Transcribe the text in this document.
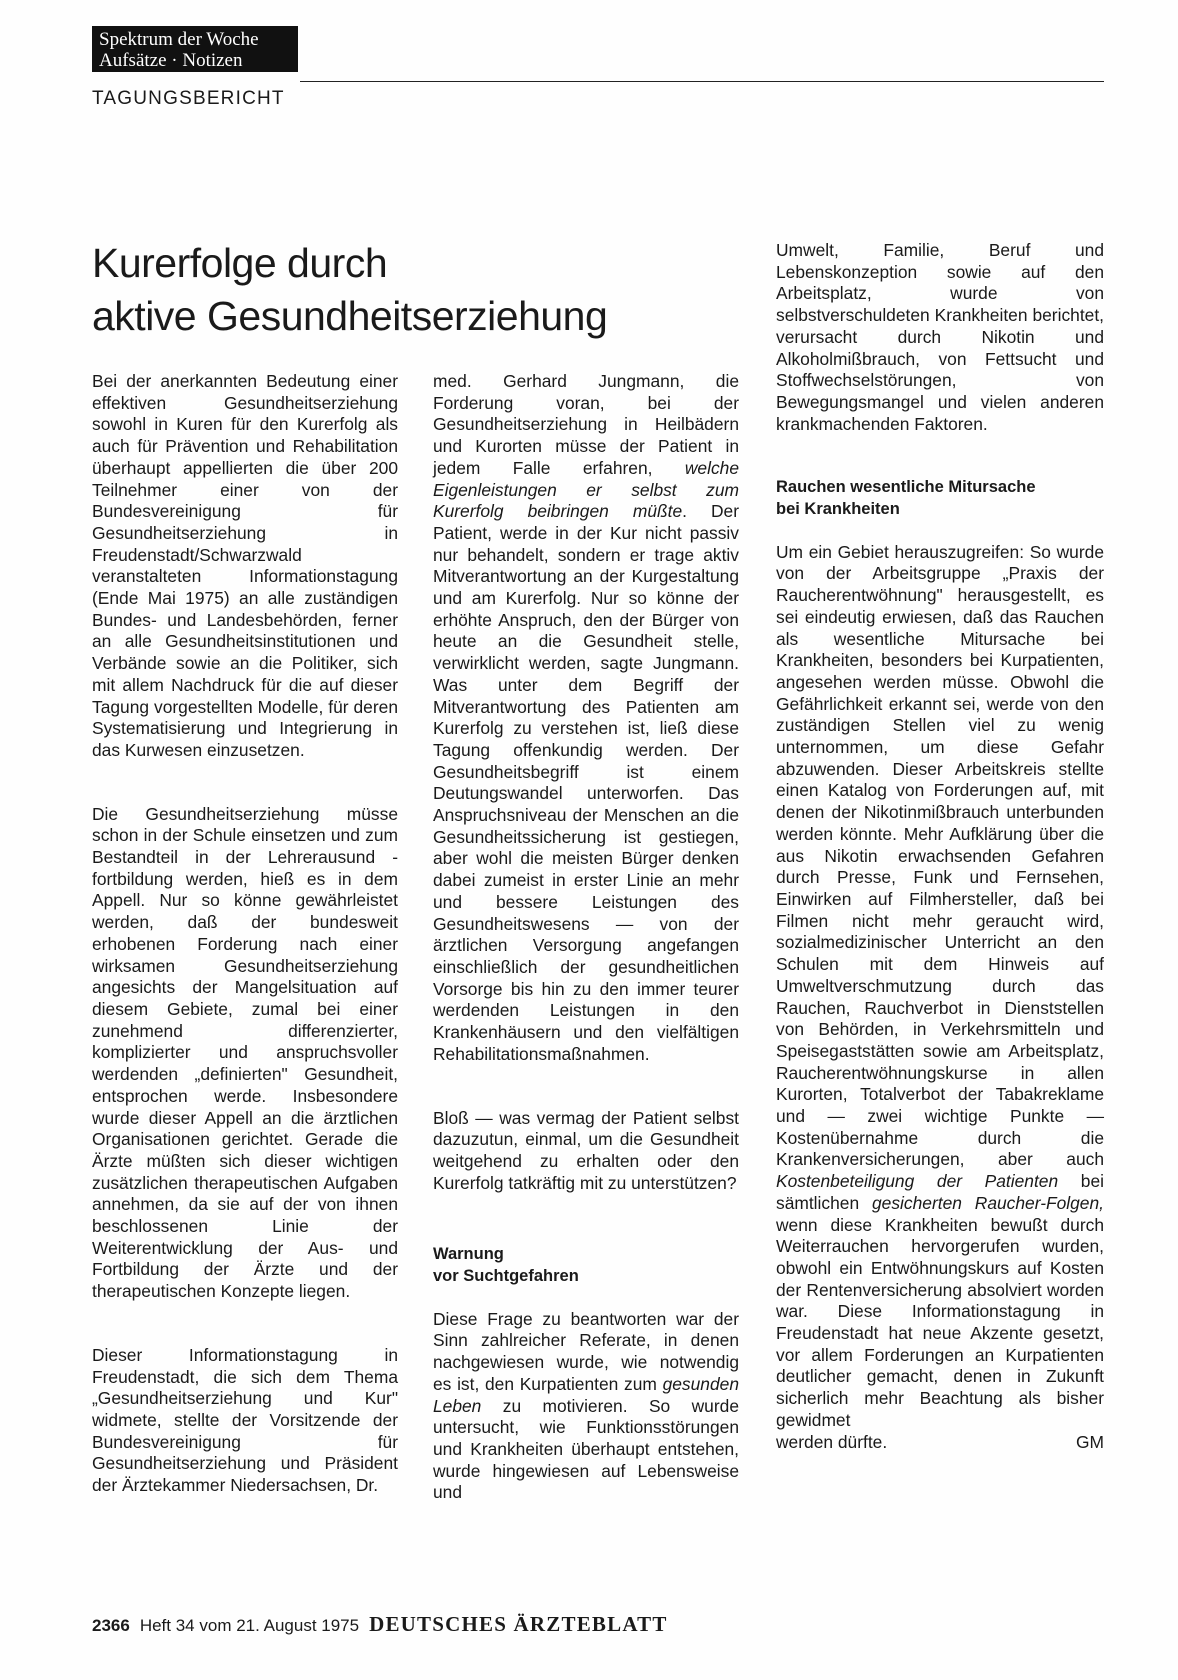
Spektrum der Woche
Aufsätze · Notizen
TAGUNGSBERICHT
Kurerfolge durch
aktive Gesundheitserziehung

Bei der anerkannten Bedeutung einer effektiven Gesundheitserziehung sowohl in Kuren für den Kurerfolg als auch für Prävention und Rehabilitation überhaupt appellierten die über 200 Teilnehmer einer von der Bundesvereinigung für Gesundheitserziehung in Freudenstadt/Schwarzwald veranstalteten Informationstagung (Ende Mai 1975) an alle zuständigen Bundes- und Landesbehörden, ferner an alle Gesundheitsinstitutionen und Verbände sowie an die Politiker, sich mit allem Nachdruck für die auf dieser Tagung vorgestellten Modelle, für deren Systematisierung und Integrierung in das Kurwesen einzusetzen.

Die Gesundheitserziehung müsse schon in der Schule einsetzen und zum Bestandteil in der Lehrerausund -fortbildung werden, hieß es in dem Appell. Nur so könne gewährleistet werden, daß der bundesweit erhobenen Forderung nach einer wirksamen Gesundheitserziehung angesichts der Mangelsituation auf diesem Gebiete, zumal bei einer zunehmend differenzierter, komplizierter und anspruchsvoller werdenden „definierten" Gesundheit, entsprochen werde. Insbesondere wurde dieser Appell an die ärztlichen Organisationen gerichtet. Gerade die Ärzte müßten sich dieser wichtigen zusätzlichen therapeutischen Aufgaben annehmen, da sie auf der von ihnen beschlossenen Linie der Weiterentwicklung der Aus- und Fortbildung der Ärzte und der therapeutischen Konzepte liegen.

Dieser Informationstagung in Freudenstadt, die sich dem Thema „Gesundheitserziehung und Kur" widmete, stellte der Vorsitzende der Bundesvereinigung für Gesundheitserziehung und Präsident der Ärztekammer Niedersachsen, Dr.

med. Gerhard Jungmann, die Forderung voran, bei der Gesundheitserziehung in Heilbädern und Kurorten müsse der Patient in jedem Falle erfahren, welche Eigenleistungen er selbst zum Kurerfolg beibringen müßte. Der Patient, werde in der Kur nicht passiv nur behandelt, sondern er trage aktiv Mitverantwortung an der Kurgestaltung und am Kurerfolg. Nur so könne der erhöhte Anspruch, den der Bürger von heute an die Gesundheit stelle, verwirklicht werden, sagte Jungmann. Was unter dem Begriff der Mitverantwortung des Patienten am Kurerfolg zu verstehen ist, ließ diese Tagung offenkundig werden. Der Gesundheitsbegriff ist einem Deutungswandel unterworfen. Das Anspruchsniveau der Menschen an die Gesundheitssicherung ist gestiegen, aber wohl die meisten Bürger denken dabei zumeist in erster Linie an mehr und bessere Leistungen des Gesundheitswesens — von der ärztlichen Versorgung angefangen einschließlich der gesundheitlichen Vorsorge bis hin zu den immer teurer werdenden Leistungen in den Krankenhäusern und den vielfältigen Rehabilitationsmaßnahmen.

Bloß — was vermag der Patient selbst dazuzutun, einmal, um die Gesundheit weitgehend zu erhalten oder den Kurerfolg tatkräftig mit zu unterstützen?

Warnung
vor Suchtgefahren

Diese Frage zu beantworten war der Sinn zahlreicher Referate, in denen nachgewiesen wurde, wie notwendig es ist, den Kurpatienten zum gesunden Leben zu motivieren. So wurde untersucht, wie Funktionsstörungen und Krankheiten überhaupt entstehen, wurde hingewiesen auf Lebensweise und

Umwelt, Familie, Beruf und Lebenskonzeption sowie auf den Arbeitsplatz, wurde von selbstverschuldeten Krankheiten berichtet, verursacht durch Nikotin und Alkoholmißbrauch, von Fettsucht und Stoffwechselstörungen, von Bewegungsmangel und vielen anderen krankmachenden Faktoren.

Rauchen wesentliche Mitursache
bei Krankheiten

Um ein Gebiet herauszugreifen: So wurde von der Arbeitsgruppe „Praxis der Raucherentwöhnung" herausgestellt, es sei eindeutig erwiesen, daß das Rauchen als wesentliche Mitursache bei Krankheiten, besonders bei Kurpatienten, angesehen werden müsse. Obwohl die Gefährlichkeit erkannt sei, werde von den zuständigen Stellen viel zu wenig unternommen, um diese Gefahr abzuwenden. Dieser Arbeitskreis stellte einen Katalog von Forderungen auf, mit denen der Nikotinmißbrauch unterbunden werden könnte. Mehr Aufklärung über die aus Nikotin erwachsenden Gefahren durch Presse, Funk und Fernsehen, Einwirken auf Filmhersteller, daß bei Filmen nicht mehr geraucht wird, sozialmedizinischer Unterricht an den Schulen mit dem Hinweis auf Umweltverschmutzung durch das Rauchen, Rauchverbot in Dienststellen von Behörden, in Verkehrsmitteln und Speisegaststätten sowie am Arbeitsplatz, Raucherentwöhnungskurse in allen Kurorten, Totalverbot der Tabakreklame und — zwei wichtige Punkte — Kostenübernahme durch die Krankenversicherungen, aber auch Kostenbeteiligung der Patienten bei sämtlichen gesicherten Raucher-Folgen, wenn diese Krankheiten bewußt durch Weiterrauchen hervorgerufen wurden, obwohl ein Entwöhnungskurs auf Kosten der Rentenversicherung absolviert worden war. Diese Informationstagung in Freudenstadt hat neue Akzente gesetzt, vor allem Forderungen an Kurpatienten deutlicher gemacht, denen in Zukunft sicherlich mehr Beachtung als bisher gewidmet

werden dürfte.	GM
2366 Heft 34 vom 21. August 1975 DEUTSCHES ÄRZTEBLATT
